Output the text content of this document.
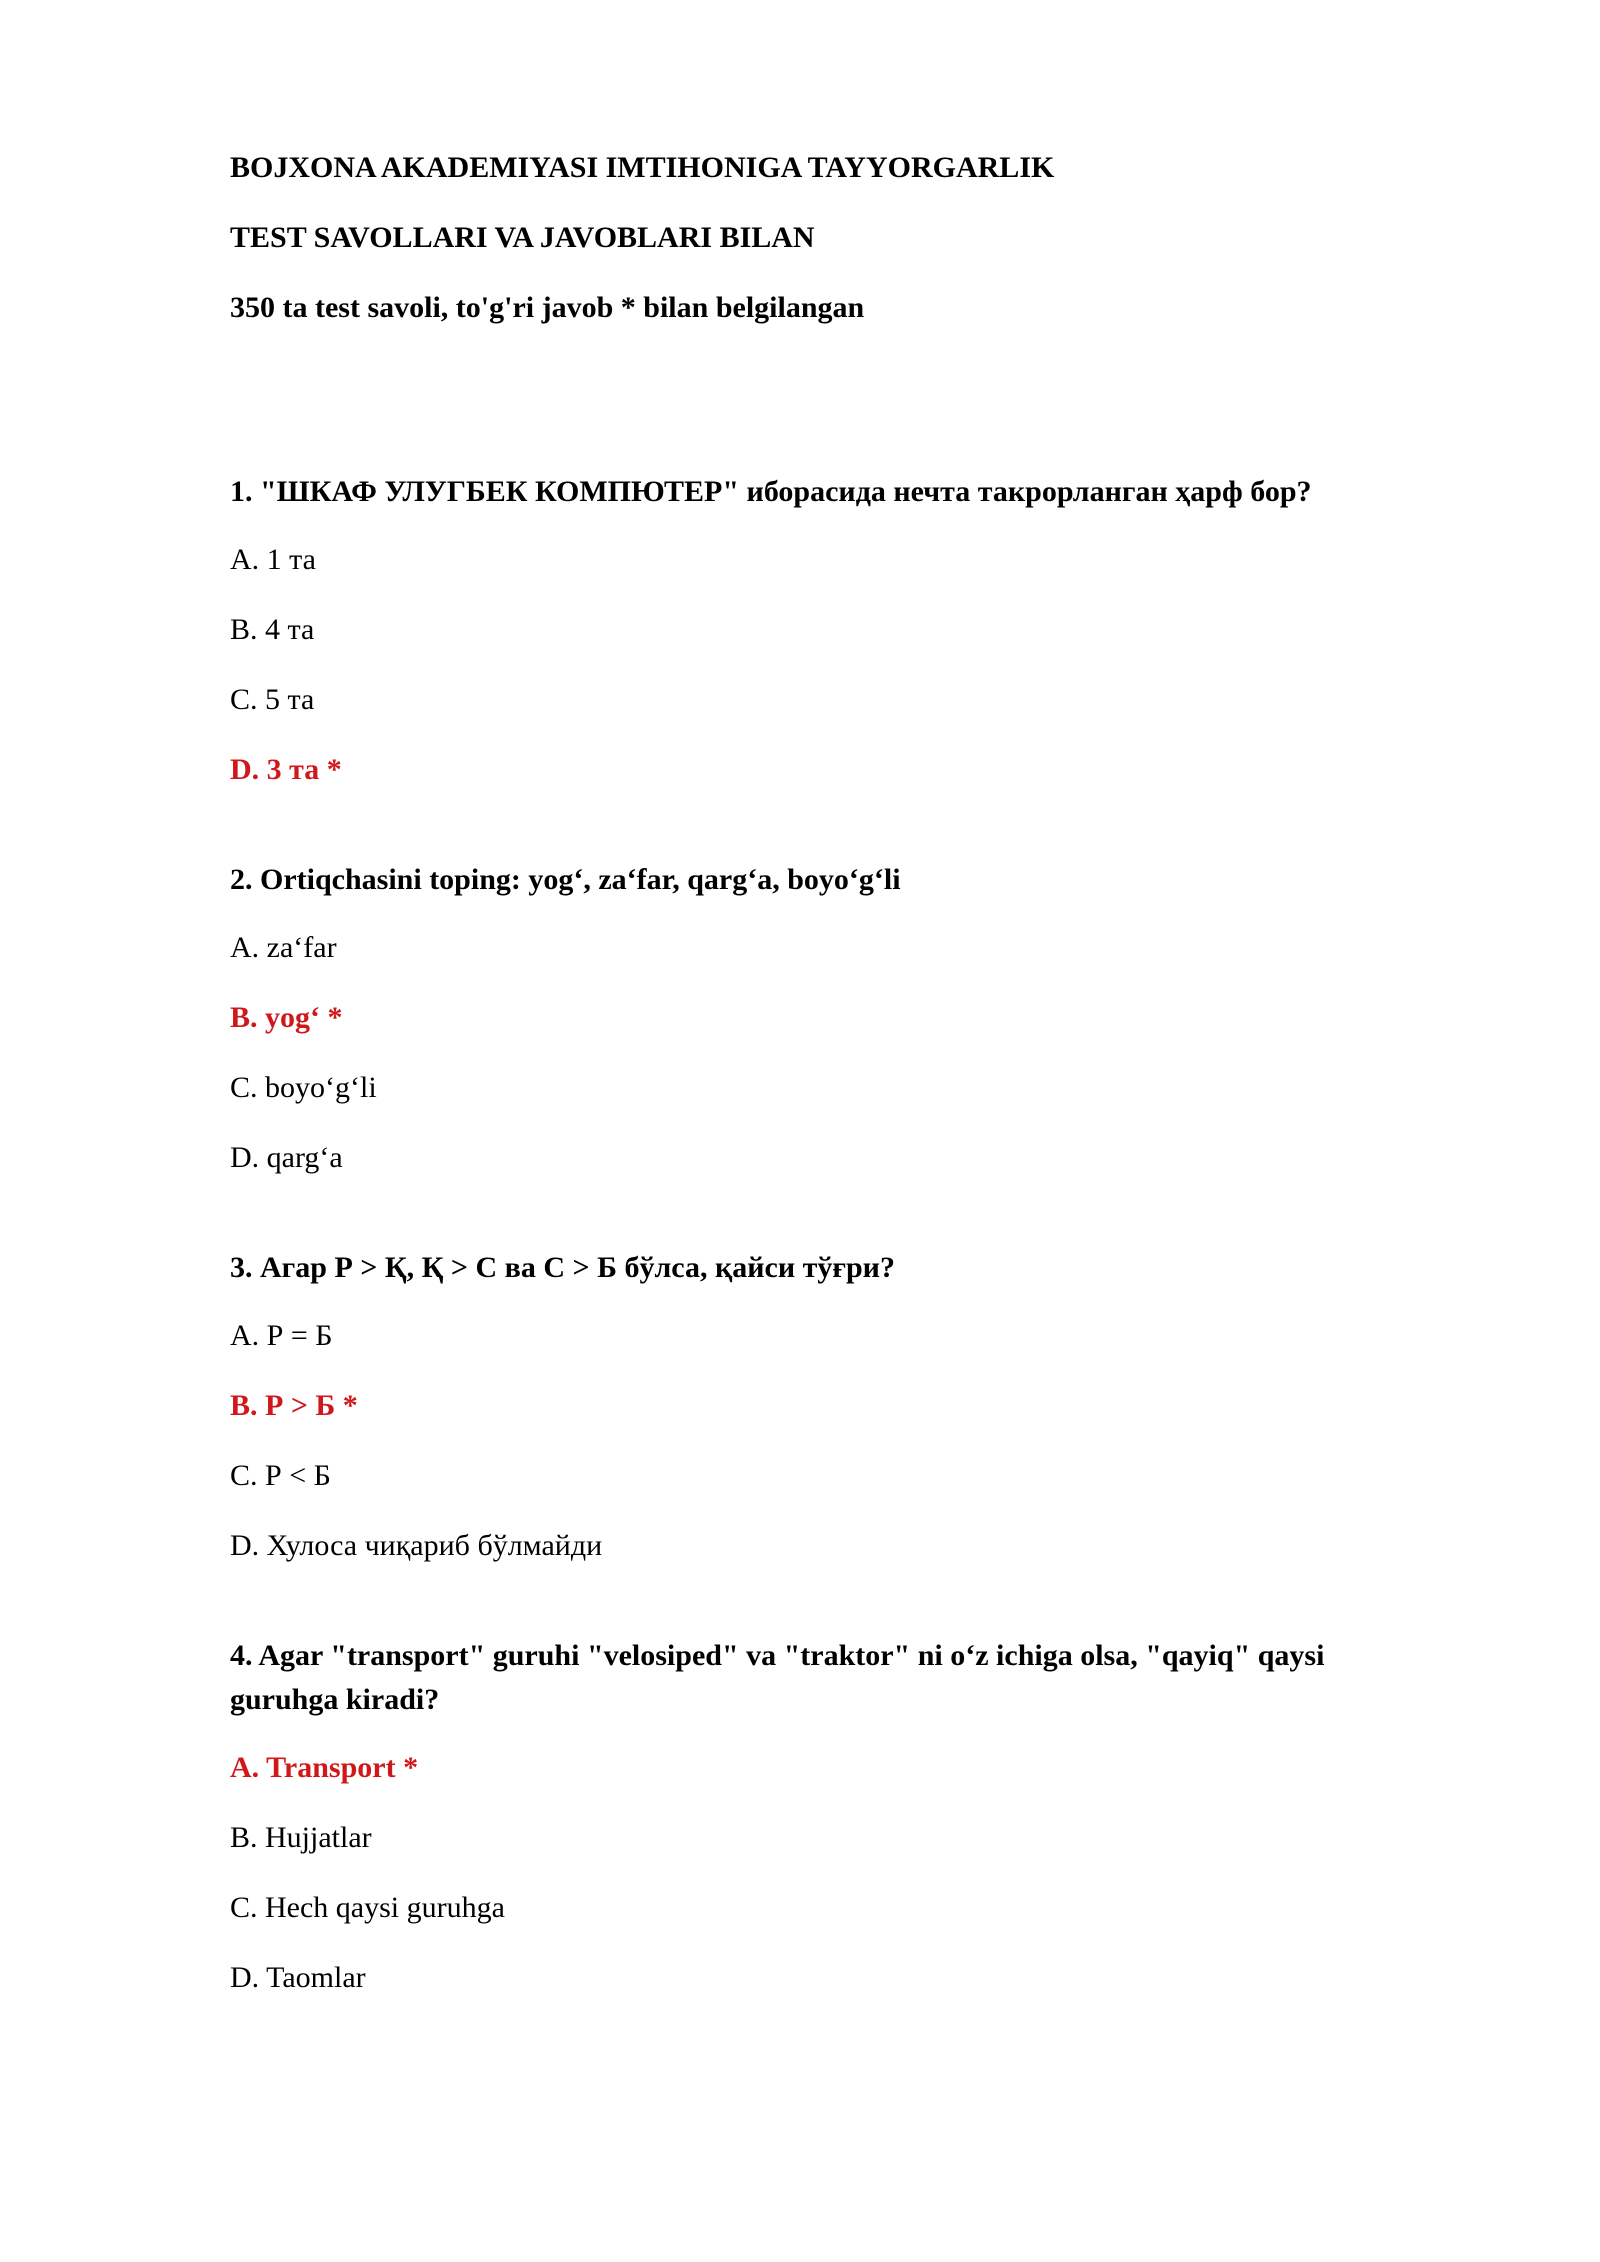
BOJXONA AKADEMIYASI IMTIHONIGA TAYYORGARLIK

TEST SAVOLLARI VA JAVOBLARI BILAN

350 ta test savoli, to'g'ri javob * bilan belgilangan

1. "ШКАФ УЛУГБЕК КОМПЮТЕР" иборасида нечта такрорланган ҳарф бор?

A. 1 та

B. 4 та

C. 5 та

D. 3 та *

2. Ortiqchasini toping: yog‘, za‘far, qarg‘a, boyo‘g‘li

A. za‘far

B. yog‘ *

C. boyo‘g‘li

D. qarg‘a

3. Агар Р > Қ, Қ > С ва С > Б бўлса, қайси тўғри?

A. Р = Б

B. Р > Б *

C. Р < Б

D. Хулоса чиқариб бўлмайди

4. Agar "transport" guruhi "velosiped" va "traktor" ni o‘z ichiga olsa, "qayiq" qaysi guruhga kiradi?

A. Transport *

B. Hujjatlar

C. Hech qaysi guruhga

D. Taomlar
